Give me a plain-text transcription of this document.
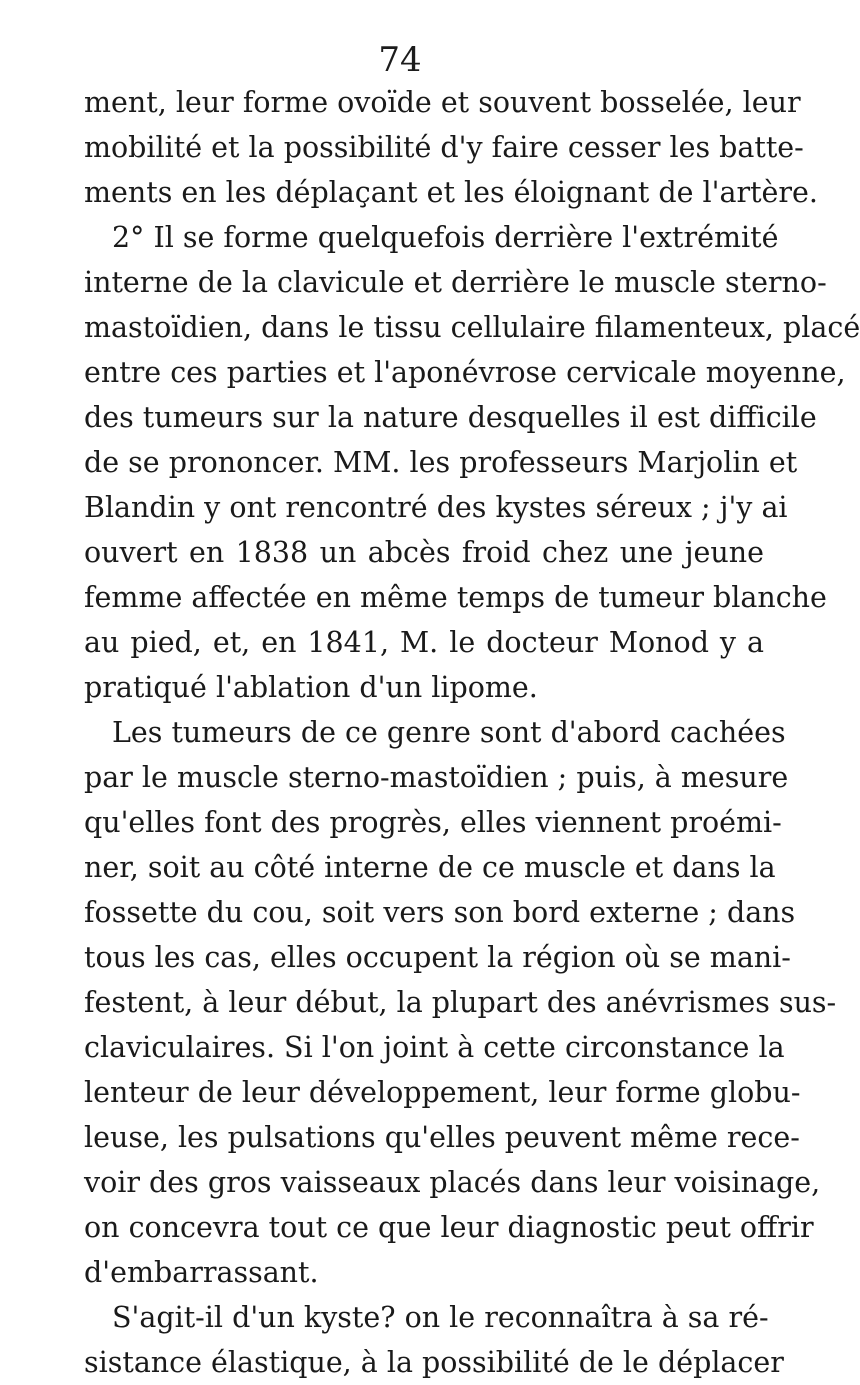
74
ment, leur forme ovoïde et souvent bosselée, leur
mobilité et la possibilité d'y faire cesser les batte-
ments en les déplaçant et les éloignant de l'artère.
2° Il se forme quelquefois derrière l'extrémité
interne de la clavicule et derrière le muscle sterno-
mastoïdien, dans le tissu cellulaire filamenteux, placé
entre ces parties et l'aponévrose cervicale moyenne,
des tumeurs sur la nature desquelles il est difficile
de se prononcer. MM. les professeurs Marjolin et
Blandin y ont rencontré des kystes séreux ; j'y ai
ouvert en 1838 un abcès froid chez une jeune
femme affectée en même temps de tumeur blanche
au pied, et, en 1841, M. le docteur Monod y a
pratiqué l'ablation d'un lipome.
Les tumeurs de ce genre sont d'abord cachées
par le muscle sterno-mastoïdien ; puis, à mesure
qu'elles font des progrès, elles viennent proémi-
ner, soit au côté interne de ce muscle et dans la
fossette du cou, soit vers son bord externe ; dans
tous les cas, elles occupent la région où se mani-
festent, à leur début, la plupart des anévrismes sus-
claviculaires. Si l'on joint à cette circonstance la
lenteur de leur développement, leur forme globu-
leuse, les pulsations qu'elles peuvent même rece-
voir des gros vaisseaux placés dans leur voisinage,
on concevra tout ce que leur diagnostic peut offrir
d'embarrassant.
S'agit-il d'un kyste? on le reconnaîtra à sa ré-
sistance élastique, à la possibilité de le déplacer
